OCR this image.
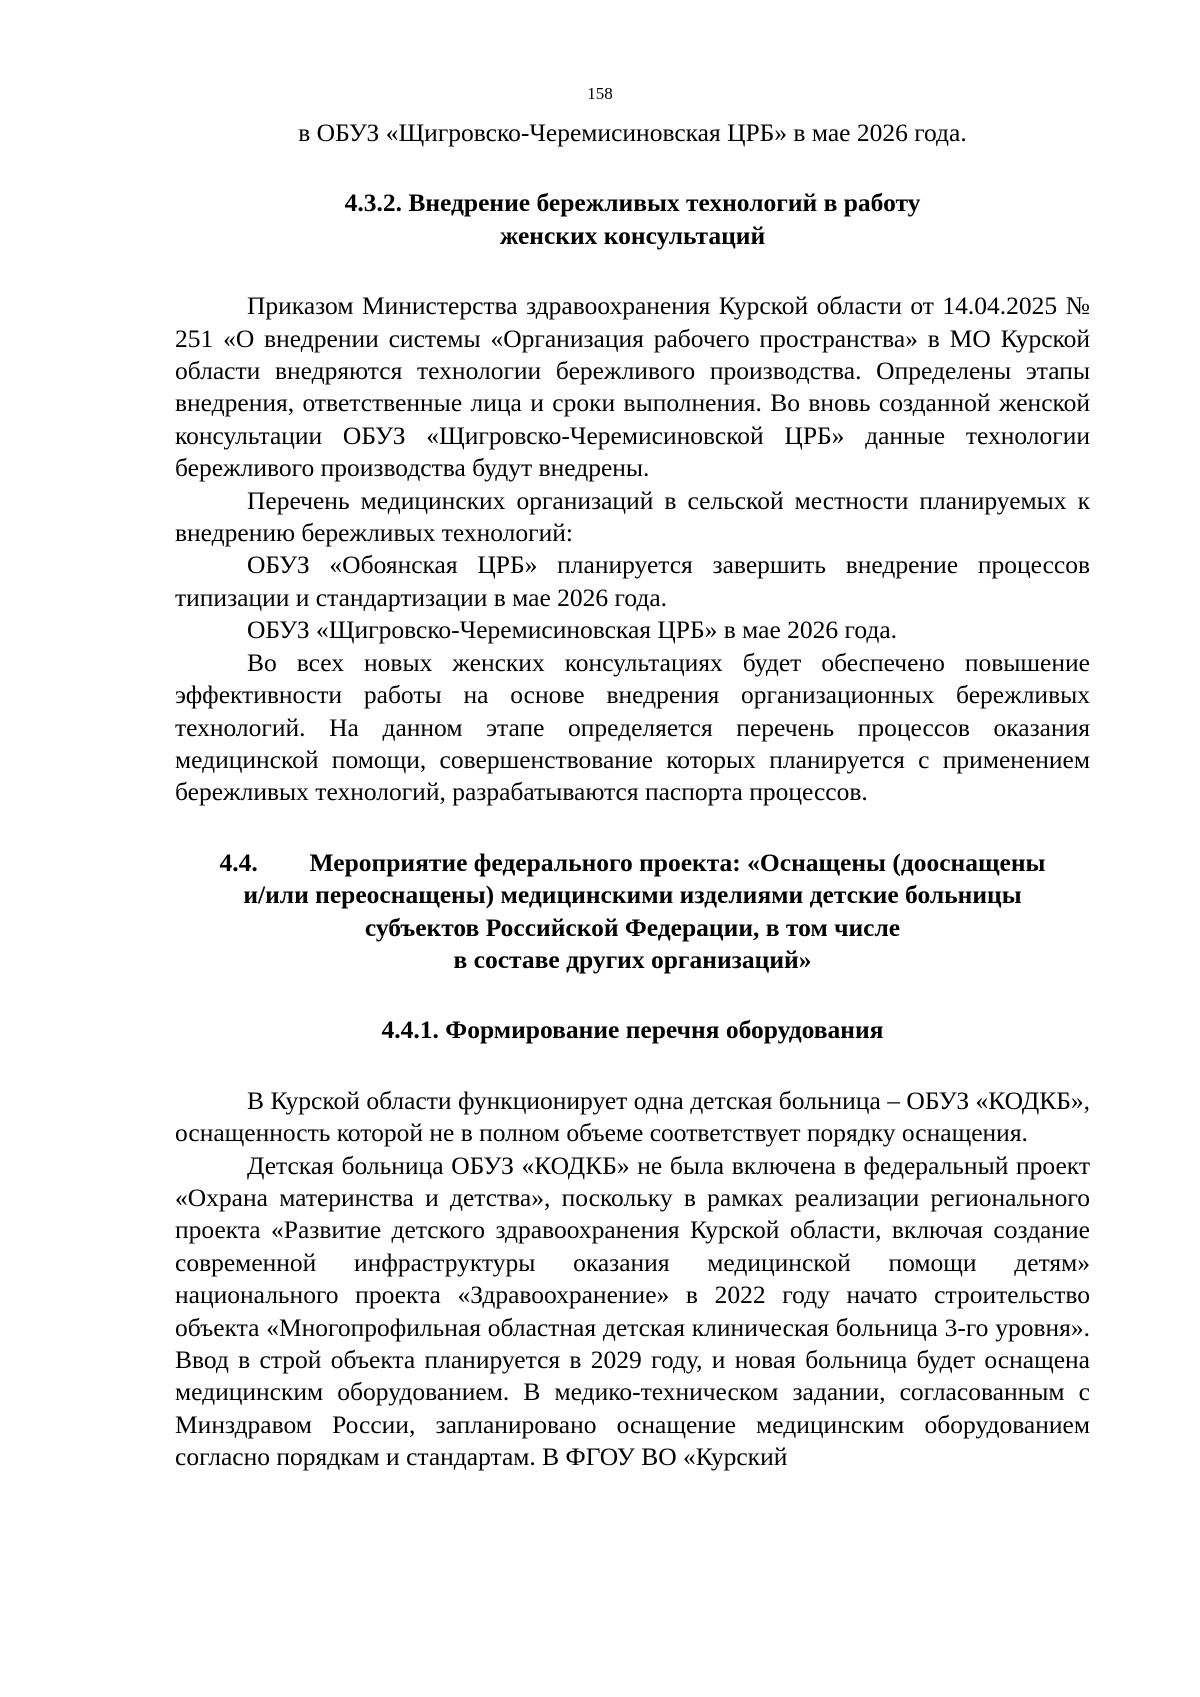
158
в ОБУЗ «Щигровско-Черемисиновская ЦРБ» в мае 2026 года.
4.3.2. Внедрение бережливых технологий в работу
женских консультаций

Приказом Министерства здравоохранения Курской области от 14.04.2025 № 251 «О внедрении системы «Организация рабочего пространства» в МО Курской области внедряются технологии бережливого производства. Определены этапы внедрения, ответственные лица и сроки выполнения. Во вновь созданной женской консультации ОБУЗ «Щигровско-Черемисиновской ЦРБ» данные технологии бережливого производства будут внедрены.

Перечень медицинских организаций в сельской местности планируемых к внедрению бережливых технологий:

ОБУЗ «Обоянская ЦРБ» планируется завершить внедрение процессов типизации и стандартизации в мае 2026 года.

ОБУЗ «Щигровско-Черемисиновская ЦРБ» в мае 2026 года.

Во всех новых женских консультациях будет обеспечено повышение эффективности работы на основе внедрения организационных бережливых технологий. На данном этапе определяется перечень процессов оказания медицинской помощи, совершенствование которых планируется с применением бережливых технологий, разрабатываются паспорта процессов.

4.4. Мероприятие федерального проекта: «Оснащены (дооснащены
и/или переоснащены) медицинскими изделиями детские больницы
субъектов Российской Федерации, в том числе
в составе других организаций»
4.4.1. Формирование перечня оборудования

В Курской области функционирует одна детская больница – ОБУЗ «КОДКБ», оснащенность которой не в полном объеме соответствует порядку оснащения.

Детская больница ОБУЗ «КОДКБ» не была включена в федеральный проект «Охрана материнства и детства», поскольку в рамках реализации регионального проекта «Развитие детского здравоохранения Курской области, включая создание современной инфраструктуры оказания медицинской помощи детям» национального проекта «Здравоохранение» в 2022 году начато строительство объекта «Многопрофильная областная детская клиническая больница 3-го уровня». Ввод в строй объекта планируется в 2029 году, и новая больница будет оснащена медицинским оборудованием. В медико-техническом задании, согласованным с Минздравом России, запланировано оснащение медицинским оборудованием согласно порядкам и стандартам. В ФГОУ ВО «Курский
